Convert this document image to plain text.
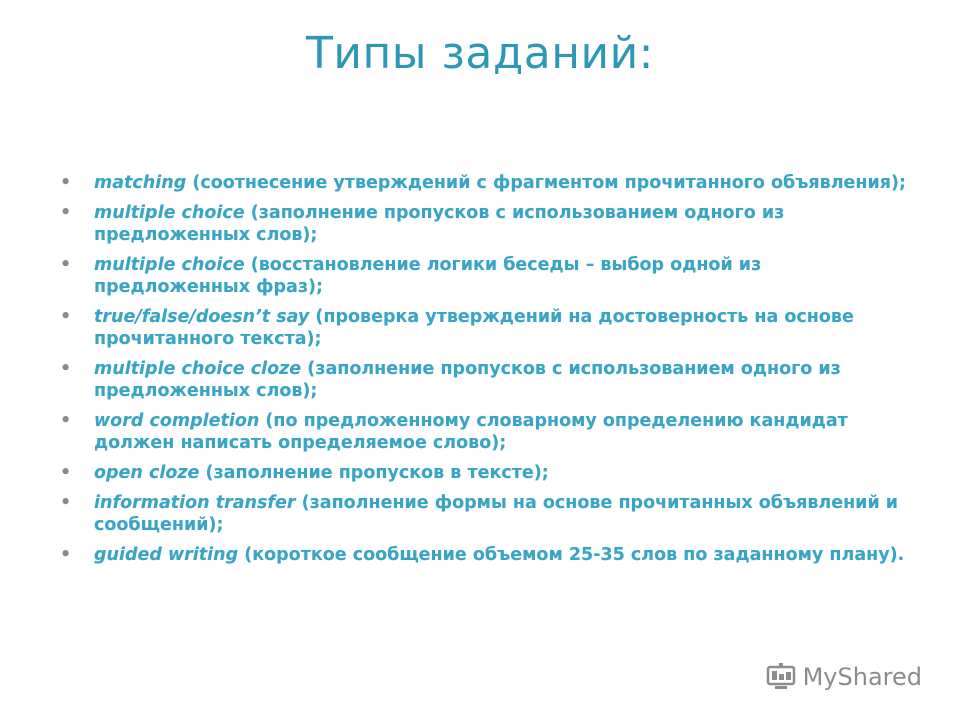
Типы заданий:
• matching (соотнесение утверждений с фрагментом прочитанного объявления);
• multiple choice (заполнение пропусков с использованием одного из предложенных слов);
• multiple choice (восстановление логики беседы – выбор одной из предложенных фраз);
• true/false/doesn’t say (проверка утверждений на достоверность на основе прочитанного текста);
• multiple choice cloze (заполнение пропусков с использованием одного из предложенных слов);
• word completion (по предложенному словарному определению кандидат должен написать определяемое слово);
• open cloze (заполнение пропусков в тексте);
• information transfer (заполнение формы на основе прочитанных объявлений и сообщений);
• guided writing (короткое сообщение объемом 25-35 слов по заданному плану).
MyShared
